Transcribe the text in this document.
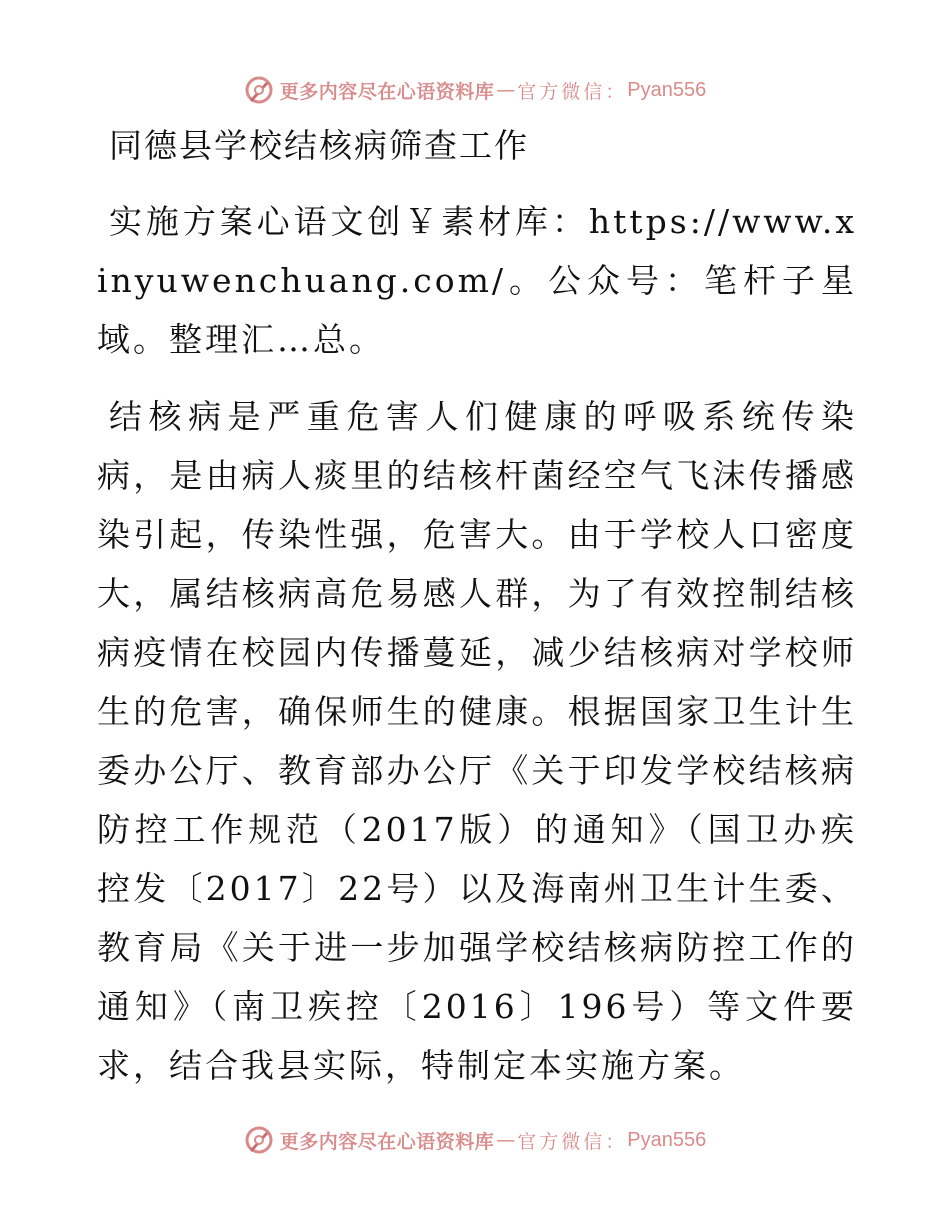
更多内容尽在心语资料库 — 官方微信： Pyan556
同德县学校结核病筛查工作

实施方案心语文创￥素材库：https://www.xinyuwenchuang.com/。公众号：笔杆子星域。整理汇…总。

结核病是严重危害人们健康的呼吸系统传染病，是由病人痰里的结核杆菌经空气飞沫传播感染引起，传染性强，危害大。由于学校人口密度大，属结核病高危易感人群，为了有效控制结核病疫情在校园内传播蔓延，减少结核病对学校师生的危害，确保师生的健康。根据国家卫生计生委办公厅、教育部办公厅《关于印发学校结核病防控工作规范（2017版）的通知》（国卫办疾控发〔2017〕22号）以及海南州卫生计生委、教育局《关于进一步加强学校结核病防控工作的通知》（南卫疾控〔2016〕196号）等文件要求，结合我县实际，特制定本实施方案。

更多内容尽在心语资料库 — 官方微信： Pyan556
